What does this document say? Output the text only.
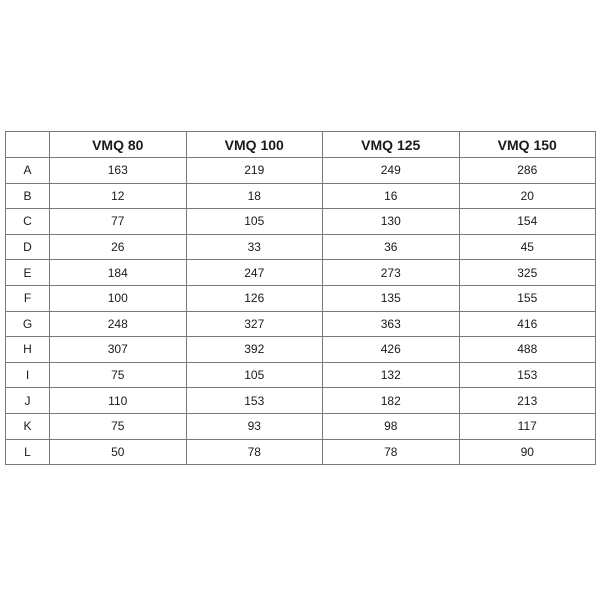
	VMQ 80	VMQ 100	VMQ 125	VMQ 150
A	163	219	249	286
B	12	18	16	20
C	77	105	130	154
D	26	33	36	45
E	184	247	273	325
F	100	126	135	155
G	248	327	363	416
H	307	392	426	488
I	75	105	132	153
J	110	153	182	213
K	75	93	98	117
L	50	78	78	90
